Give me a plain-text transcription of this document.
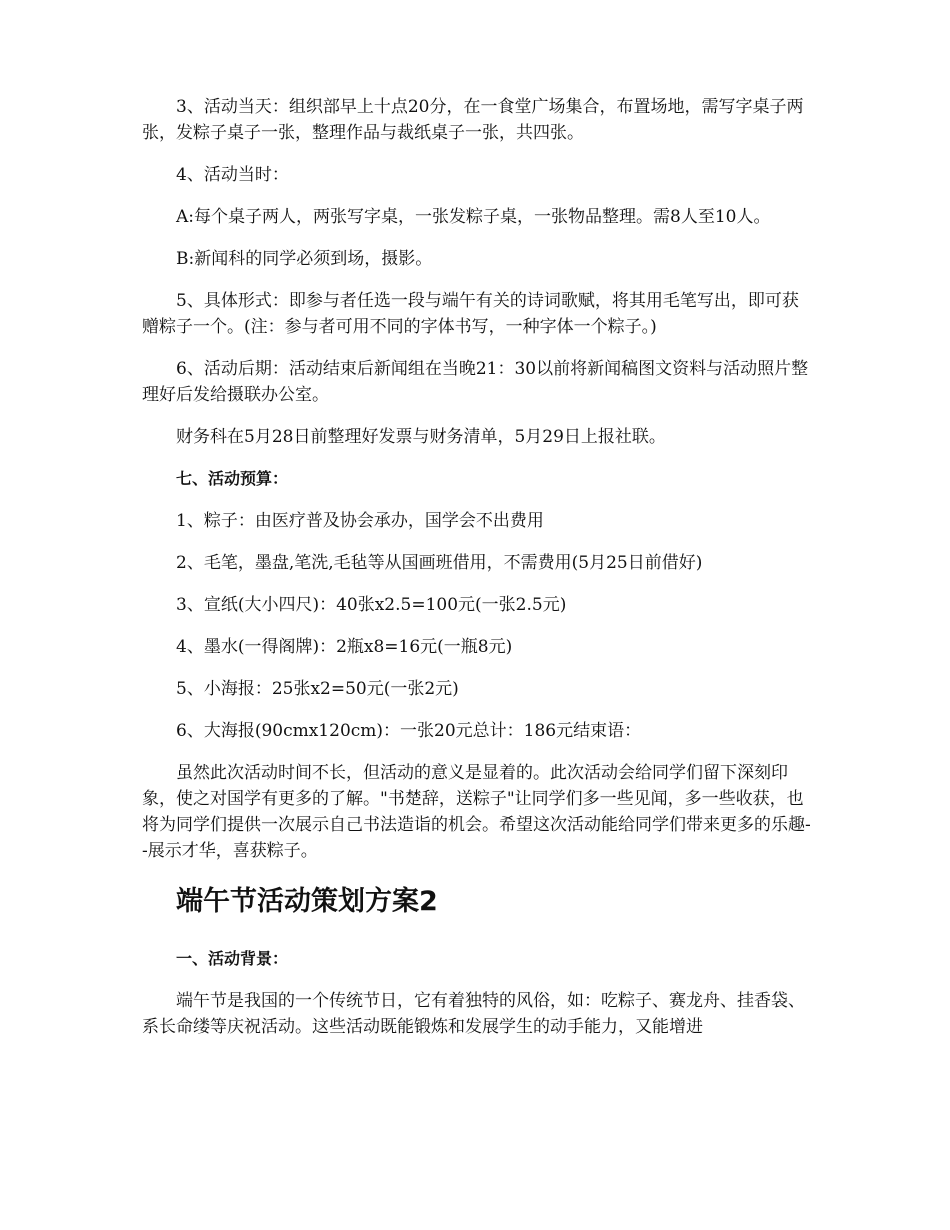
3、活动当天：组织部早上十点20分，在一食堂广场集合，布置场地，需写字桌子两张，发粽子桌子一张，整理作品与裁纸桌子一张，共四张。

4、活动当时：

A:每个桌子两人，两张写字桌，一张发粽子桌，一张物品整理。需8人至10人。

B:新闻科的同学必须到场，摄影。

5、具体形式：即参与者任选一段与端午有关的诗词歌赋，将其用毛笔写出，即可获赠粽子一个。(注：参与者可用不同的字体书写，一种字体一个粽子。)

6、活动后期：活动结束后新闻组在当晚21：30以前将新闻稿图文资料与活动照片整理好后发给摄联办公室。

财务科在5月28日前整理好发票与财务清单，5月29日上报社联。

七、活动预算：

1、粽子：由医疗普及协会承办，国学会不出费用

2、毛笔，墨盘,笔洗,毛毡等从国画班借用，不需费用(5月25日前借好)

3、宣纸(大小四尺)：40张x2.5=100元(一张2.5元)

4、墨水(一得阁牌)：2瓶x8=16元(一瓶8元)

5、小海报：25张x2=50元(一张2元)

6、大海报(90cmx120cm)：一张20元总计：186元结束语：

虽然此次活动时间不长，但活动的意义是显着的。此次活动会给同学们留下深刻印象，使之对国学有更多的了解。"书楚辞，送粽子"让同学们多一些见闻，多一些收获，也将为同学们提供一次展示自己书法造诣的机会。希望这次活动能给同学们带来更多的乐趣--展示才华，喜获粽子。

端午节活动策划方案2

一、活动背景：

端午节是我国的一个传统节日，它有着独特的风俗，如：吃粽子、赛龙舟、挂香袋、系长命缕等庆祝活动。这些活动既能锻炼和发展学生的动手能力，又能增进
